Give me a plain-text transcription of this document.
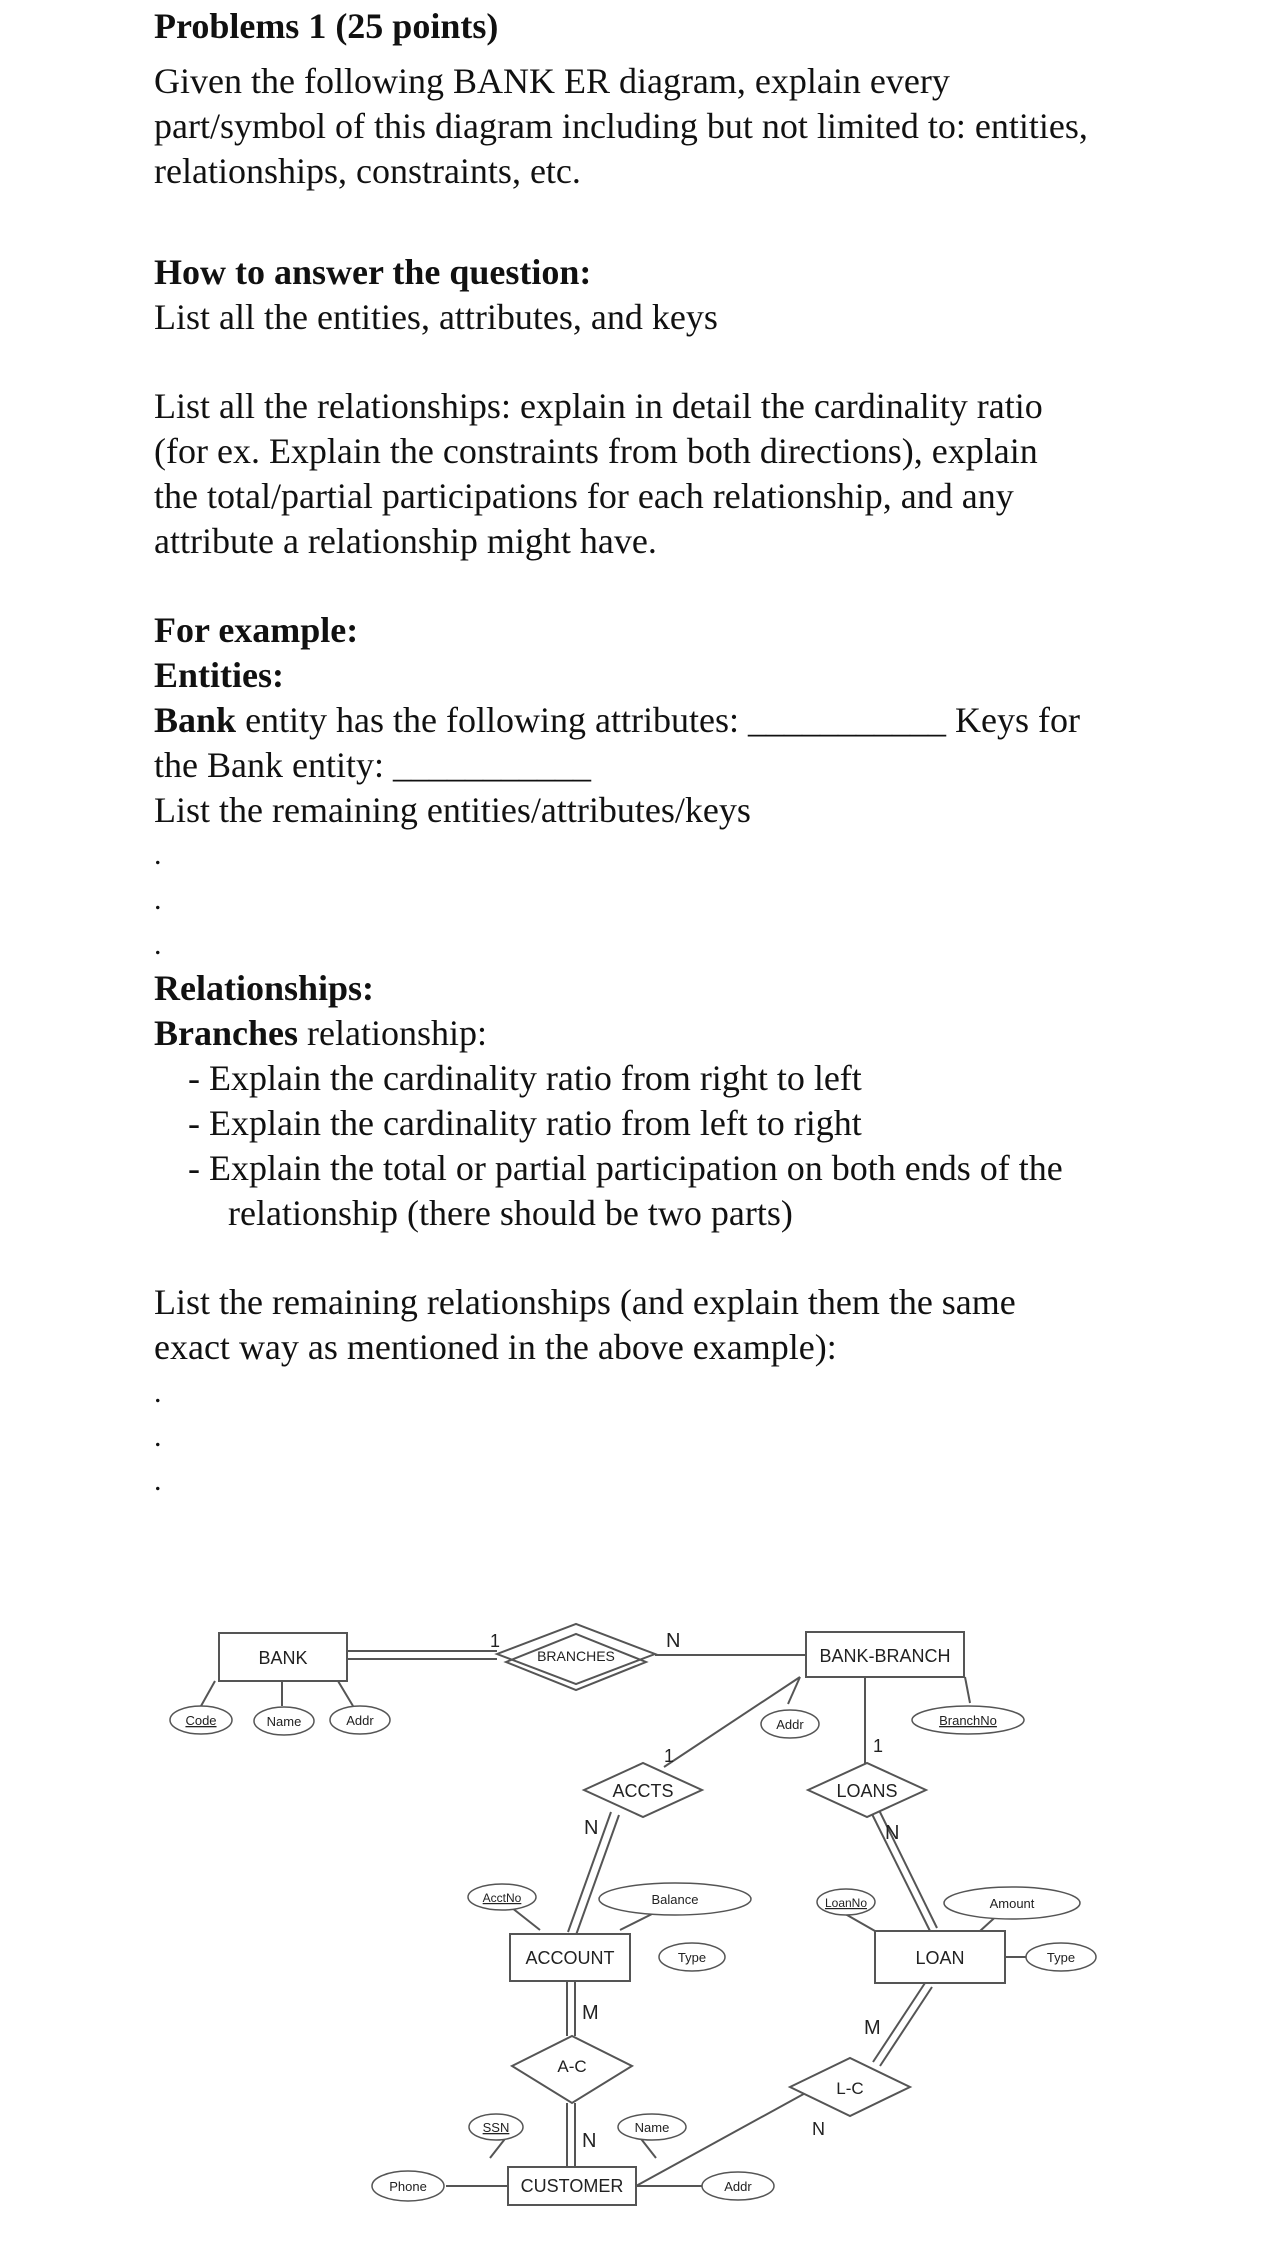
Problems 1 (25 points)
Given the following BANK ER diagram, explain every
part/symbol of this diagram including but not limited to: entities,
relationships, constraints, etc.
How to answer the question:
List all the entities, attributes, and keys
List all the relationships: explain in detail the cardinality ratio
(for ex. Explain the constraints from both directions), explain
the total/partial participations for each relationship, and any
attribute a relationship might have.
For example:
Entities:
Bank entity has the following attributes: ___________ Keys for
the Bank entity: ___________
List the remaining entities/attributes/keys
.
.
.
Relationships:
Branches relationship:
- Explain the cardinality ratio from right to left
- Explain the cardinality ratio from left to right
- Explain the total or partial participation on both ends of the
relationship (there should be two parts)
List the remaining relationships (and explain them the same
exact way as mentioned in the above example):
.
.
.
BANK	BANK-BRANCH
ACCOUNT	LOAN
CUSTOMER
BRANCHES
ACCTS	LOANS
A-C
L-C
Code	Name	Addr	Addr	BranchNo
AcctNo	Balance
Type
LoanNo	Amount
Type
SSN	Name
Phone	Addr
1	N
1
N
1
N
M
N
M
N
